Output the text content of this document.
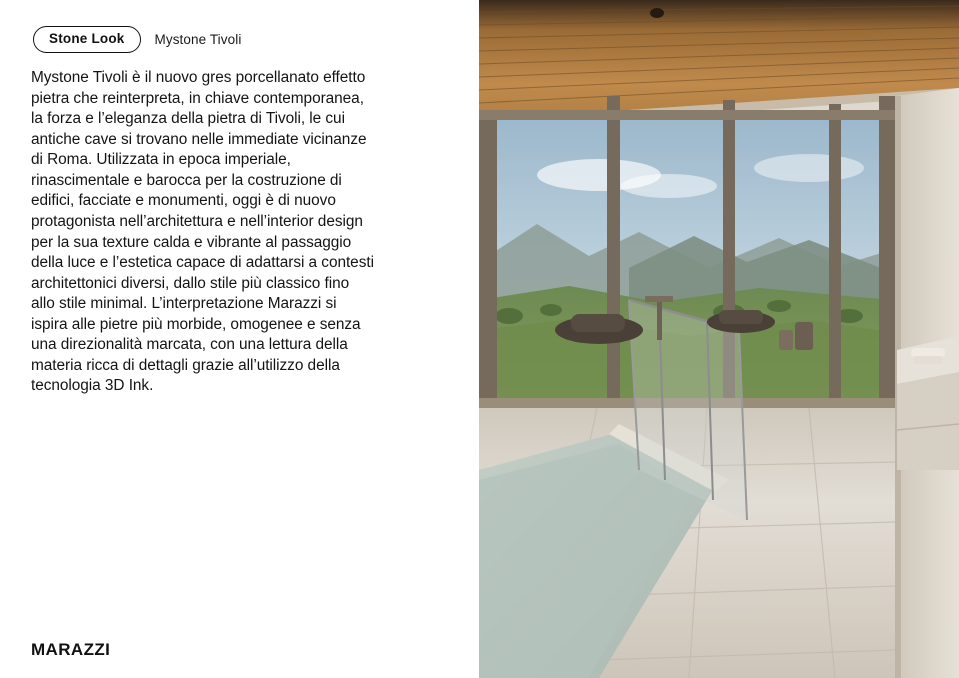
Stone Look	Mystone Tivoli
Mystone Tivoli è il nuovo gres porcellanato effetto pietra che reinterpreta, in chiave contemporanea, la forza e l’eleganza della pietra di Tivoli, le cui antiche cave si trovano nelle immediate vicinanze di Roma. Utilizzata in epoca imperiale, rinascimentale e barocca per la costruzione di edifici, facciate e monumenti, oggi è di nuovo protagonista nell’architettura e nell’interior design per la sua texture calda e vibrante al passaggio della luce e l’estetica capace di adattarsi a contesti architettonici diversi, dallo stile più classico fino allo stile minimal. L’interpretazione Marazzi si ispira alle pietre più morbide, omogenee e senza una direzionalità marcata, con una lettura della materia ricca di dettagli grazie all’utilizzo della tecnologia 3D Ink.
MARAZZI
